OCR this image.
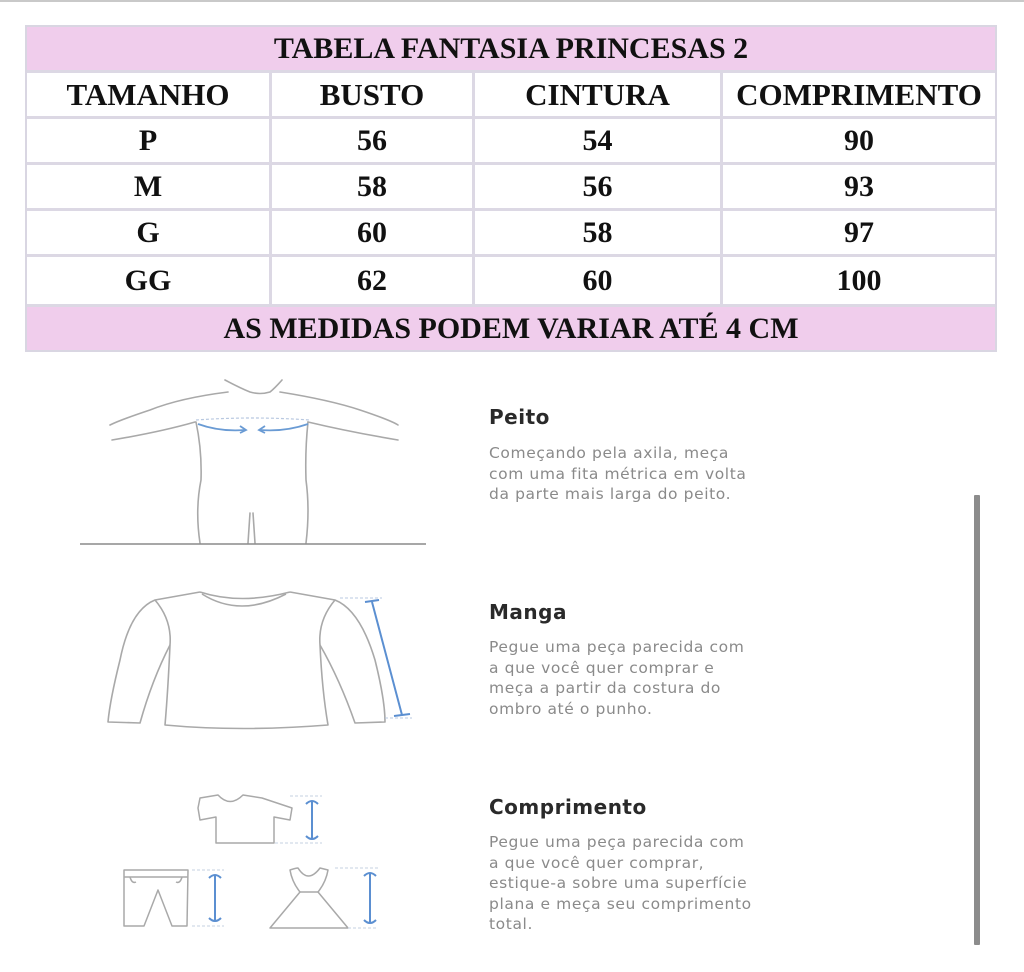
TABELA FANTASIA PRINCESAS 2
TAMANHO	BUSTO	CINTURA	COMPRIMENTO
P	56	54	90
M	58	56	93
G	60	58	97
GG	62	60	100
AS MEDIDAS PODEM VARIAR ATÉ 4 CM
Peito
Começando pela axila, meça
com uma fita métrica em volta
da parte mais larga do peito.
Manga
Pegue uma peça parecida com
a que você quer comprar e
meça a partir da costura do
ombro até o punho.
Comprimento
Pegue uma peça parecida com
a que você quer comprar,
estique-a sobre uma superfície
plana e meça seu comprimento
total.
